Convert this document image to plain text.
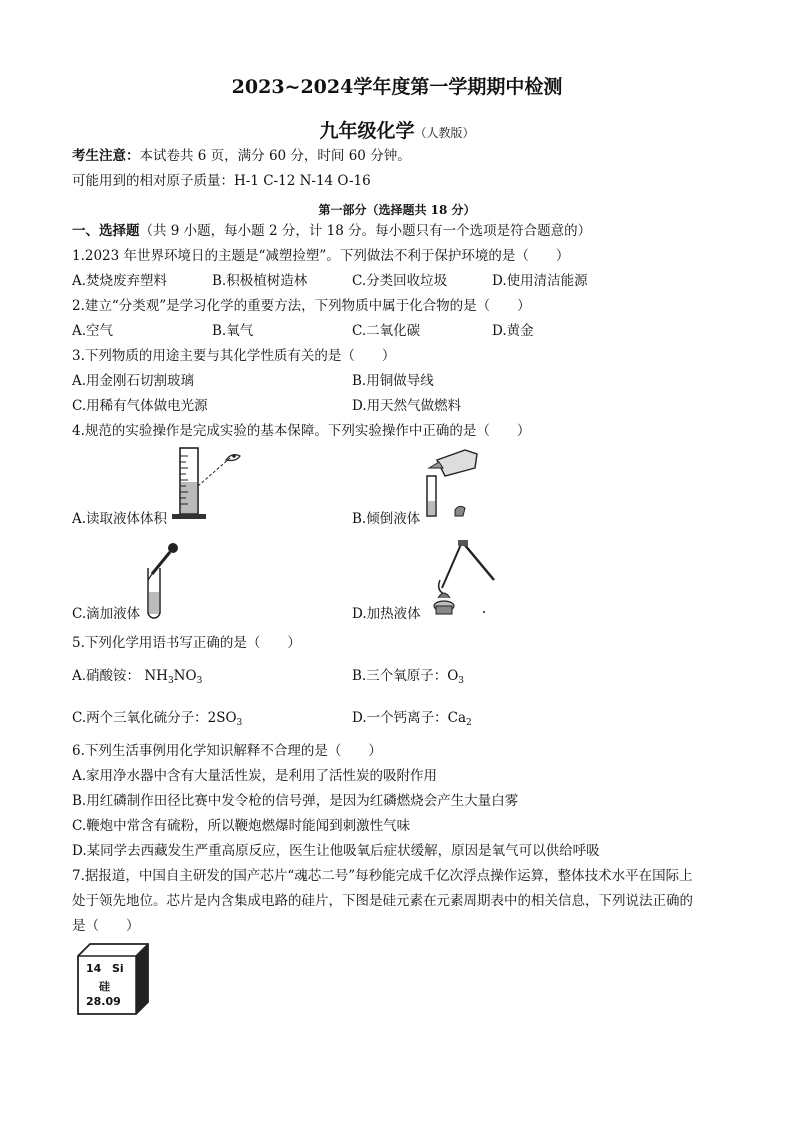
2023~2024学年度第一学期期中检测
九年级化学（人教版）
考生注意：本试卷共 6 页，满分 60 分，时间 60 分钟。
可能用到的相对原子质量：H-1 C-12 N-14 O-16
第一部分（选择题共 18 分）
一、选择题（共 9 小题，每小题 2 分，计 18 分。每小题只有一个选项是符合题意的）
1.2023 年世界环境日的主题是“减塑捡塑”。下列做法不利于保护环境的是（　　）
A.焚烧废弃塑料	B.积极植树造林	C.分类回收垃圾	D.使用清洁能源
2.建立“分类观”是学习化学的重要方法，下列物质中属于化合物的是（　　）
A.空气	B.氧气	C.二氧化碳	D.黄金
3.下列物质的用途主要与其化学性质有关的是（　　）
A.用金刚石切割玻璃	B.用铜做导线
C.用稀有气体做电光源	D.用天然气做燃料
4.规范的实验操作是完成实验的基本保障。下列实验操作中正确的是（　　）
A.读取液体体积	B.倾倒液体
C.滴加液体	D.加热液体
5.下列化学用语书写正确的是（　　）
A.硝酸铵： $NH_3NO_3$	B.三个氧原子：$O_3$
C.两个三氧化硫分子：$2SO_3$	D.一个钙离子：$Ca_2$
6.下列生活事例用化学知识解释不合理的是（　　）
A.家用净水器中含有大量活性炭，是利用了活性炭的吸附作用
B.用红磷制作田径比赛中发令枪的信号弹，是因为红磷燃烧会产生大量白雾
C.鞭炮中常含有硫粉，所以鞭炮燃爆时能闻到刺激性气味
D.某同学去西藏发生严重高原反应，医生让他吸氧后症状缓解，原因是氧气可以供给呼吸
7.据报道，中国自主研发的国产芯片“魂芯二号”每秒能完成千亿次浮点操作运算，整体技术水平在国际上
处于领先地位。芯片是内含集成电路的硅片，下图是硅元素在元素周期表中的相关信息，下列说法正确的
是（　　）
14 Si
硅
28.09
